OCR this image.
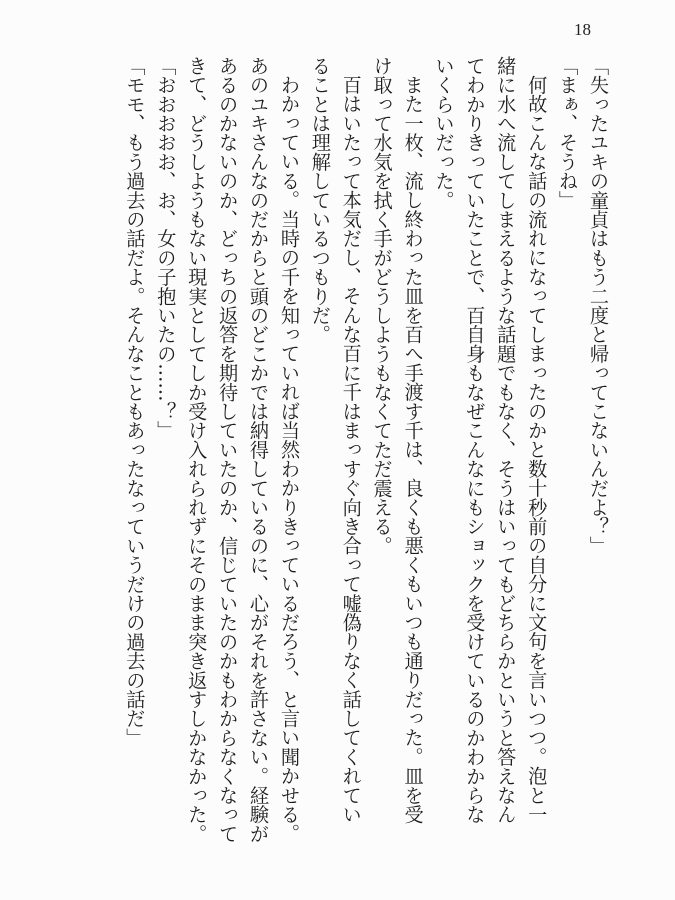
18
「失ったユキの童貞はもう二度と帰ってこないんだよ？」
「まぁ、そうね」
何故こんな話の流れになってしまったのかと数十秒前の自分に文句を言いつつ。泡と一
緒に水へ流してしまえるような話題でもなく、そうはいってもどちらかというと答えなん
てわかりきっていたことで、百自身もなぜこんなにもショックを受けているのかわからな
いくらいだった。
また一枚、流し終わった皿を百へ手渡す千は、良くも悪くもいつも通りだった。皿を受
け取って水気を拭く手がどうしようもなくてただ震える。
百はいたって本気だし、そんな百に千はまっすぐ向き合って嘘偽りなく話してくれてい
ることは理解しているつもりだ。
わかっている。当時の千を知っていれば当然わかりきっているだろう、と言い聞かせる。
あのユキさんなのだからと頭のどこかでは納得しているのに、心がそれを許さない。経験が
あるのかないのか、どっちの返答を期待していたのか、信じていたのかもわからなくなって
きて、どうしようもない現実としてしか受け入れられずにそのまま突き返すしかなかった。
「おおおおお、お、女の子抱いたの……？」
「モモ、もう過去の話だよ。そんなこともあったなっていうだけの過去の話だ」
